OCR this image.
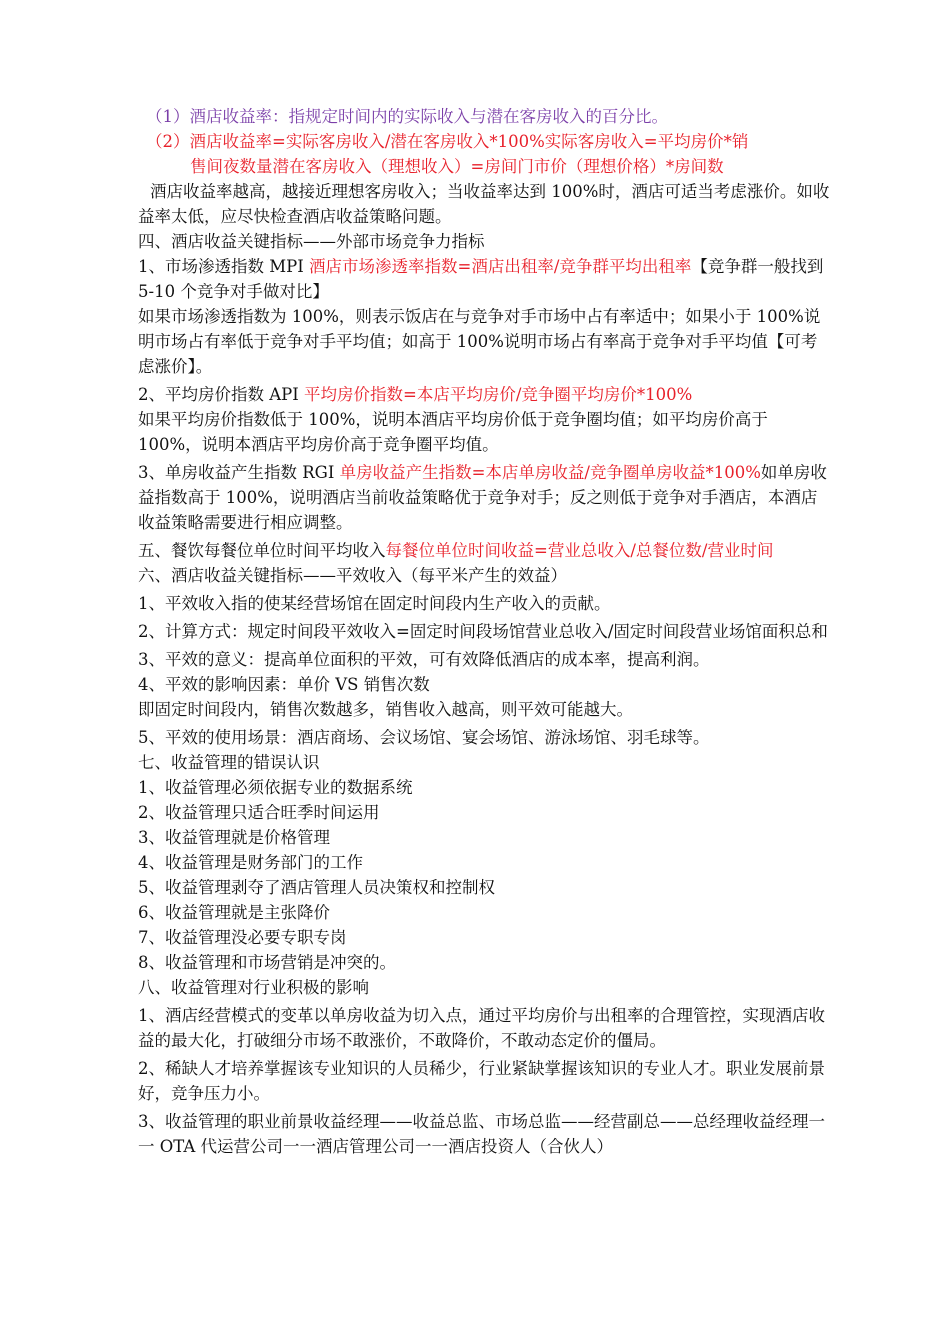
（1）酒店收益率：指规定时间内的实际收入与潜在客房收入的百分比。

（2）酒店收益率=实际客房收入/潜在客房收入*100%实际客房收入=平均房价*销

售间夜数量潜在客房收入（理想收入）=房间门市价（理想价格）*房间数

酒店收益率越高，越接近理想客房收入；当收益率达到 100%时，酒店可适当考虑涨价。如收益率太低，应尽快检查酒店收益策略问题。

四、酒店收益关键指标——外部市场竞争力指标

1、市场渗透指数 MPI 酒店市场渗透率指数=酒店出租率/竞争群平均出租率【竞争群一般找到 5-10 个竞争对手做对比】

如果市场渗透指数为 100%，则表示饭店在与竞争对手市场中占有率适中；如果小于 100%说明市场占有率低于竞争对手平均值；如高于 100%说明市场占有率高于竞争对手平均值【可考虑涨价】。

2、平均房价指数 API 平均房价指数=本店平均房价/竞争圈平均房价*100%

如果平均房价指数低于 100%，说明本酒店平均房价低于竞争圈均值；如平均房价高于 100%，说明本酒店平均房价高于竞争圈平均值。

3、单房收益产生指数 RGI 单房收益产生指数=本店单房收益/竞争圈单房收益*100%如单房收益指数高于 100%，说明酒店当前收益策略优于竞争对手；反之则低于竞争对手酒店，本酒店收益策略需要进行相应调整。

五、餐饮每餐位单位时间平均收入每餐位单位时间收益=营业总收入/总餐位数/营业时间

六、酒店收益关键指标——平效收入（每平米产生的效益）

1、平效收入指的使某经营场馆在固定时间段内生产收入的贡献。

2、计算方式：规定时间段平效收入=固定时间段场馆营业总收入/固定时间段营业场馆面积总和

3、平效的意义：提高单位面积的平效，可有效降低酒店的成本率，提高利润。

4、平效的影响因素：单价 VS 销售次数

即固定时间段内，销售次数越多，销售收入越高，则平效可能越大。

5、平效的使用场景：酒店商场、会议场馆、宴会场馆、游泳场馆、羽毛球等。

七、收益管理的错误认识

1、收益管理必须依据专业的数据系统

2、收益管理只适合旺季时间运用

3、收益管理就是价格管理

4、收益管理是财务部门的工作

5、收益管理剥夺了酒店管理人员决策权和控制权

6、收益管理就是主张降价

7、收益管理没必要专职专岗

8、收益管理和市场营销是冲突的。

八、收益管理对行业积极的影响

1、酒店经营模式的变革以单房收益为切入点，通过平均房价与出租率的合理管控，实现酒店收益的最大化，打破细分市场不敢涨价，不敢降价，不敢动态定价的僵局。

2、稀缺人才培养掌握该专业知识的人员稀少，行业紧缺掌握该知识的专业人才。职业发展前景好，竞争压力小。

3、收益管理的职业前景收益经理——收益总监、市场总监——经营副总——总经理收益经理一一 OTA 代运营公司一一酒店管理公司一一酒店投资人（合伙人）
